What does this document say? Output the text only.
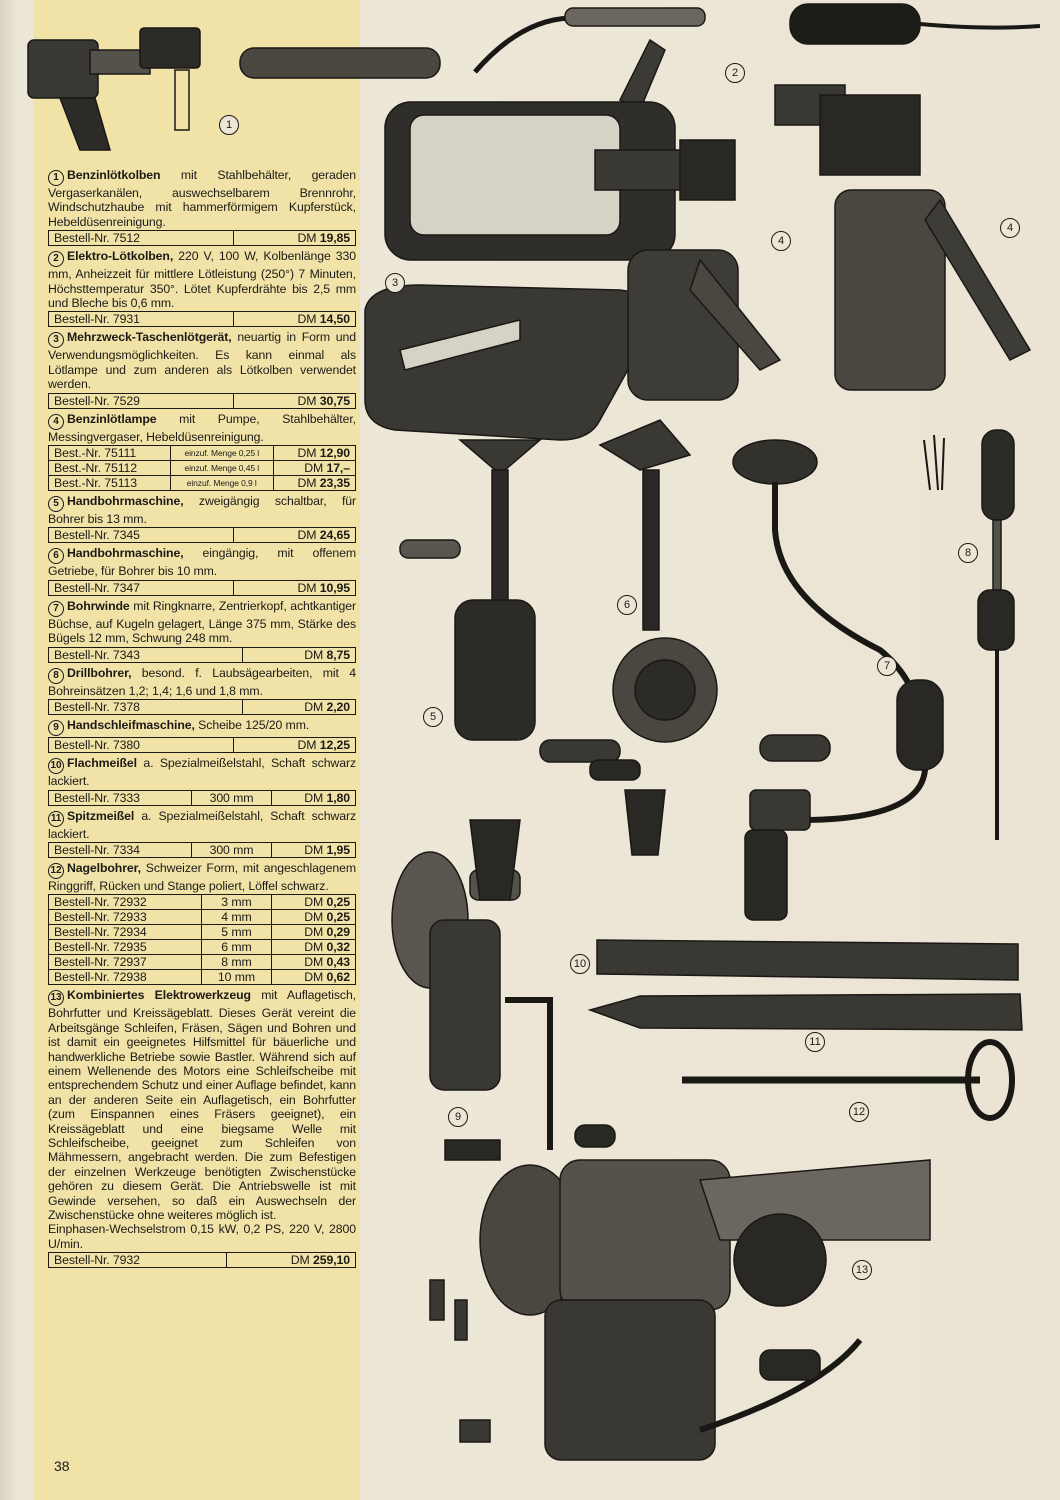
1
2
3
4
4
5
6
7
8
9
10
11
12
13
1 Benzinlötkolben mit Stahlbehälter, geraden Vergaserkanälen, auswechselbarem Brennrohr, Windschutzhaube mit hammerförmigem Kupferstück, Hebeldüsenreinigung.
Bestell-Nr. 7512	DM 19,85
2 Elektro-Lötkolben, 220 V, 100 W, Kolbenlänge 330 mm, Anheizzeit für mittlere Lötleistung (250°) 7 Minuten, Höchsttemperatur 350°. Lötet Kupferdrähte bis 2,5 mm und Bleche bis 0,6 mm.
Bestell-Nr. 7931	DM 14,50
3 Mehrzweck-Taschenlötgerät, neuartig in Form und Verwendungsmöglichkeiten. Es kann einmal als Lötlampe und zum anderen als Lötkolben verwendet werden.
Bestell-Nr. 7529	DM 30,75
4 Benzinlötlampe mit Pumpe, Stahlbehälter, Messingvergaser, Hebeldüsenreinigung.
Best.-Nr. 75111	einzuf. Menge 0,25 l	DM 12,90
Best.-Nr. 75112	einzuf. Menge 0,45 l	DM 17,–
Best.-Nr. 75113	einzuf. Menge 0,9 l	DM 23,35
5 Handbohrmaschine, zweigängig schaltbar, für Bohrer bis 13 mm.
Bestell-Nr. 7345	DM 24,65
6 Handbohrmaschine, eingängig, mit offenem Getriebe, für Bohrer bis 10 mm.
Bestell-Nr. 7347	DM 10,95
7 Bohrwinde mit Ringknarre, Zentrierkopf, achtkantiger Büchse, auf Kugeln gelagert, Länge 375 mm, Stärke des Bügels 12 mm, Schwung 248 mm.
Bestell-Nr. 7343	DM 8,75
8 Drillbohrer, besond. f. Laubsägearbeiten, mit 4 Bohreinsätzen 1,2; 1,4; 1,6 und 1,8 mm.
Bestell-Nr. 7378	DM 2,20
9 Handschleifmaschine, Scheibe 125/20 mm.
Bestell-Nr. 7380	DM 12,25
10 Flachmeißel a. Spezialmeißelstahl, Schaft schwarz lackiert.
Bestell-Nr. 7333	300 mm	DM 1,80
11 Spitzmeißel a. Spezialmeißelstahl, Schaft schwarz lackiert.
Bestell-Nr. 7334	300 mm	DM 1,95
12 Nagelbohrer, Schweizer Form, mit angeschlagenem Ringgriff, Rücken und Stange poliert, Löffel schwarz.
Bestell-Nr. 72932	3 mm	DM 0,25
Bestell-Nr. 72933	4 mm	DM 0,25
Bestell-Nr. 72934	5 mm	DM 0,29
Bestell-Nr. 72935	6 mm	DM 0,32
Bestell-Nr. 72937	8 mm	DM 0,43
Bestell-Nr. 72938	10 mm	DM 0,62
13 Kombiniertes Elektrowerkzeug mit Auflagetisch, Bohrfutter und Kreissägeblatt. Dieses Gerät vereint die Arbeitsgänge Schleifen, Fräsen, Sägen und Bohren und ist damit ein geeignetes Hilfsmittel für bäuerliche und handwerkliche Betriebe sowie Bastler. Während sich auf einem Wellenende des Motors eine Schleifscheibe mit entsprechendem Schutz und einer Auflage befindet, kann an der anderen Seite ein Auflagetisch, ein Bohrfutter (zum Einspannen eines Fräsers geeignet), ein Kreissägeblatt und eine biegsame Welle mit Schleifscheibe, geeignet zum Schleifen von Mähmessern, angebracht werden. Die zum Befestigen der einzelnen Werkzeuge benötigten Zwischenstücke gehören zu diesem Gerät. Die Antriebswelle ist mit Gewinde versehen, so daß ein Auswechseln der Zwischenstücke ohne weiteres möglich ist.
Einphasen-Wechselstrom 0,15 kW, 0,2 PS, 220 V, 2800 U/min.
Bestell-Nr. 7932	DM 259,10
38
